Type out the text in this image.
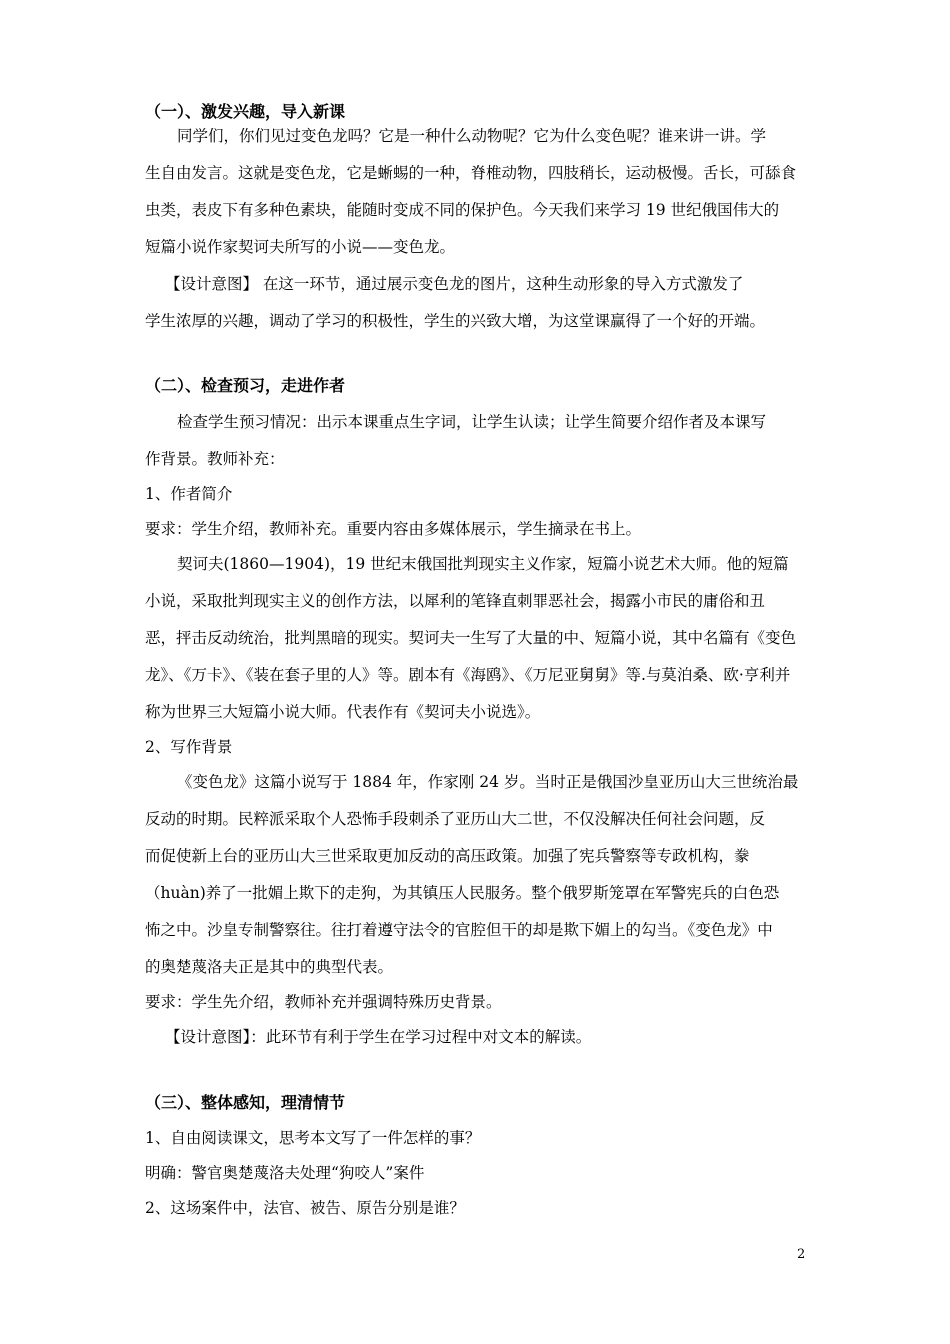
（一）、激发兴趣，导入新课
同学们，你们见过变色龙吗？它是一种什么动物呢？它为什么变色呢？谁来讲一讲。学
生自由发言。这就是变色龙，它是蜥蜴的一种，脊椎动物，四肢稍长，运动极慢。舌长，可舔食
虫类，表皮下有多种色素块，能随时变成不同的保护色。今天我们来学习 19 世纪俄国伟大的
短篇小说作家契诃夫所写的小说——变色龙。
【设计意图】 在这一环节，通过展示变色龙的图片，这种生动形象的导入方式激发了
学生浓厚的兴趣，调动了学习的积极性，学生的兴致大增，为这堂课赢得了一个好的开端。
（二）、检查预习，走进作者
检查学生预习情况：出示本课重点生字词，让学生认读；让学生简要介绍作者及本课写
作背景。教师补充：
1、作者简介
要求：学生介绍，教师补充。重要内容由多媒体展示，学生摘录在书上。
契诃夫(1860—1904)，19 世纪末俄国批判现实主义作家，短篇小说艺术大师。他的短篇
小说，采取批判现实主义的创作方法，以犀利的笔锋直刺罪恶社会，揭露小市民的庸俗和丑
恶，抨击反动统治，批判黑暗的现实。契诃夫一生写了大量的中、短篇小说，其中名篇有《变色
龙》、《万卡》、《装在套子里的人》等。剧本有《海鸥》、《万尼亚舅舅》等.与莫泊桑、欧·亨利并
称为世界三大短篇小说大师。代表作有《契诃夫小说选》。
2、写作背景
《变色龙》这篇小说写于 1884 年，作家刚 24 岁。当时正是俄国沙皇亚历山大三世统治最
反动的时期。民粹派采取个人恐怖手段刺杀了亚历山大二世，不仅没解决任何社会问题，反
而促使新上台的亚历山大三世采取更加反动的高压政策。加强了宪兵警察等专政机构，豢
（huàn)养了一批媚上欺下的走狗，为其镇压人民服务。整个俄罗斯笼罩在军警宪兵的白色恐
怖之中。沙皇专制警察往。往打着遵守法令的官腔但干的却是欺下媚上的勾当。《变色龙》中
的奥楚蔑洛夫正是其中的典型代表。
要求：学生先介绍，教师补充并强调特殊历史背景。
【设计意图】：此环节有利于学生在学习过程中对文本的解读。
（三）、整体感知，理清情节
1、自由阅读课文，思考本文写了一件怎样的事？
明确：警官奥楚蔑洛夫处理“狗咬人”案件
2、这场案件中，法官、被告、原告分别是谁？
2
